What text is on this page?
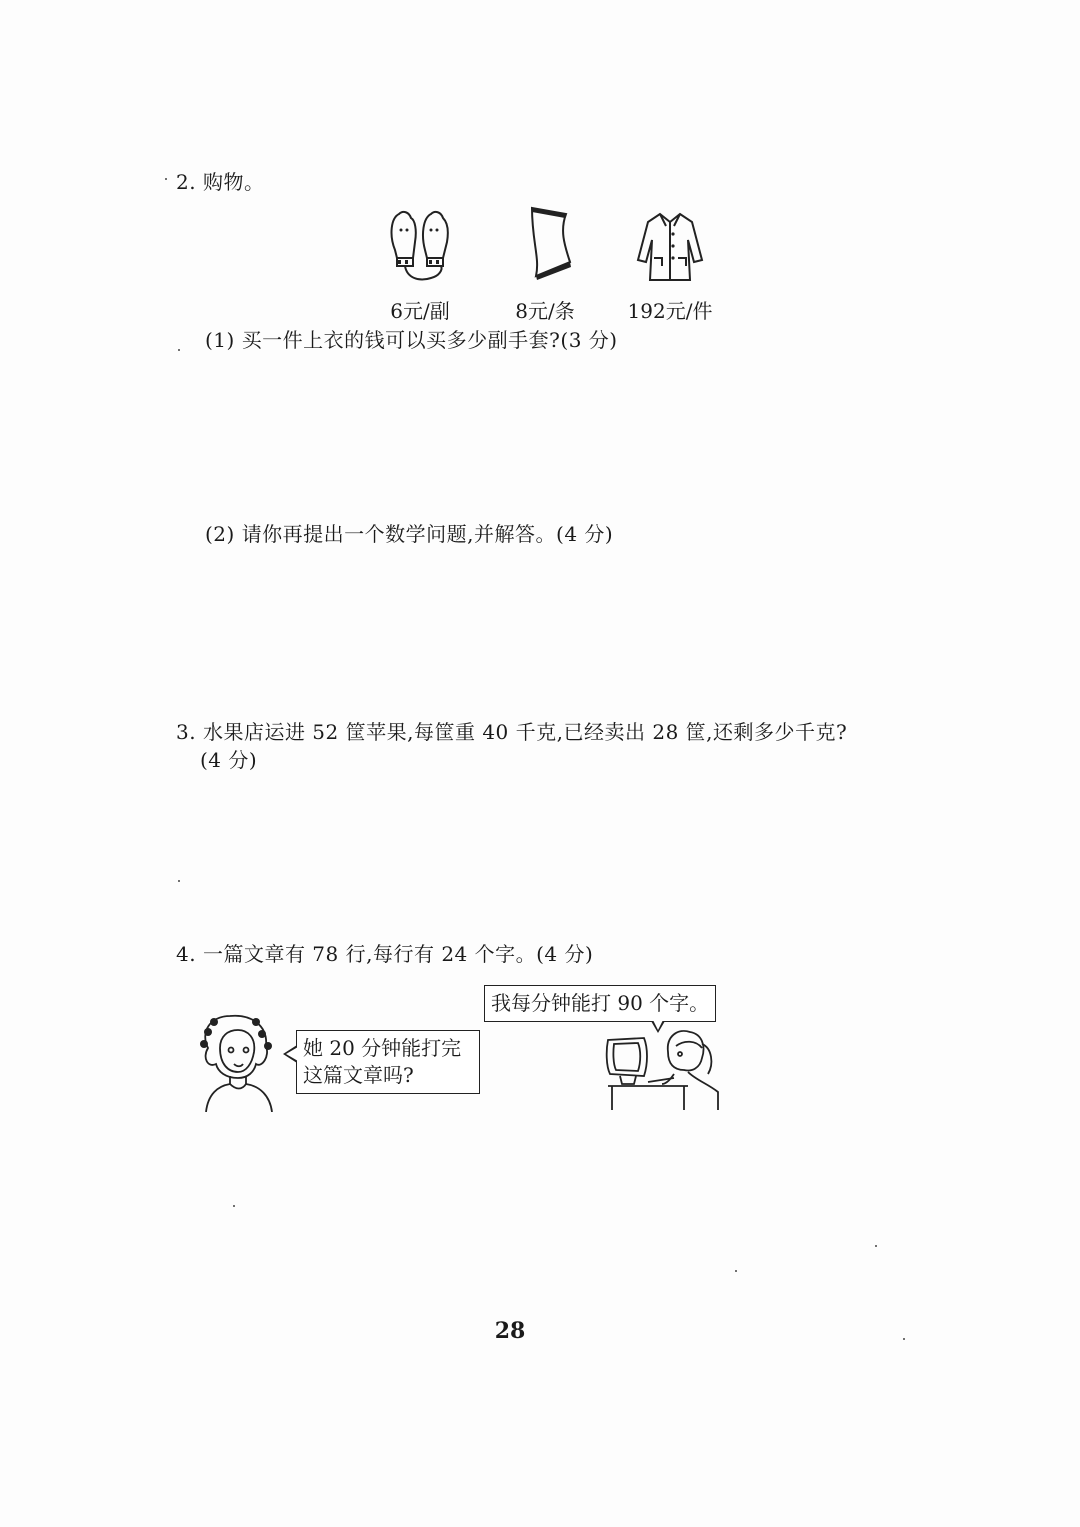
2. 购物。
6元/副	8元/条	192元/件
(1) 买一件上衣的钱可以买多少副手套?(3 分)
(2) 请你再提出一个数学问题,并解答。(4 分)
3. 水果店运进 52 筐苹果,每筐重 40 千克,已经卖出 28 筐,还剩多少千克?
(4 分)
4. 一篇文章有 78 行,每行有 24 个字。(4 分)
她 20 分钟能打完
这篇文章吗?
我每分钟能打 90 个字。
28
